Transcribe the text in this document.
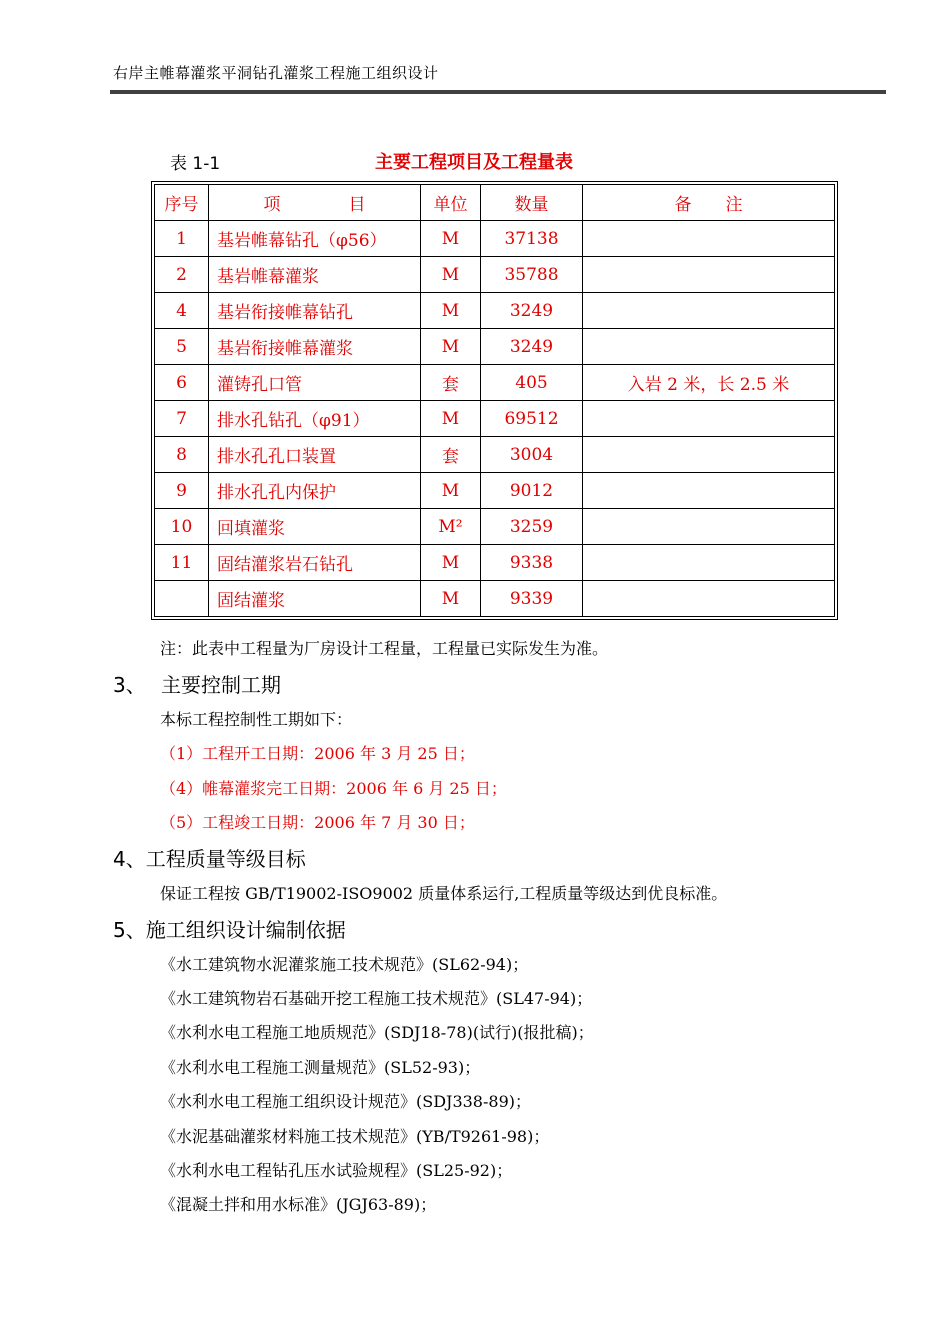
右岸主帷幕灌浆平洞钻孔灌浆工程施工组织设计
表 1-1	主要工程项目及工程量表
序号	项　　　　目	单位	数量	备　　注
1	基岩帷幕钻孔（φ56）	M	37138	
2	基岩帷幕灌浆	M	35788	
4	基岩衔接帷幕钻孔	M	3249	
5	基岩衔接帷幕灌浆	M	3249	
6	灌铸孔口管	套	405	入岩 2 米，长 2.5 米
7	排水孔钻孔（φ91）	M	69512	
8	排水孔孔口装置	套	3004	
9	排水孔孔内保护	M	9012	
10	回填灌浆	M²	3259	
11	固结灌浆岩石钻孔	M	9338	
	固结灌浆	M	9339	
注：此表中工程量为厂房设计工程量，工程量已实际发生为准。
3、 主要控制工期
本标工程控制性工期如下：
（1）工程开工日期：2006 年 3 月 25 日；
（4）帷幕灌浆完工日期：2006 年 6 月 25 日；
（5）工程竣工日期：2006 年 7 月 30 日；
4、工程质量等级目标
保证工程按 GB/T19002-ISO9002 质量体系运行,工程质量等级达到优良标准。
5、施工组织设计编制依据
《水工建筑物水泥灌浆施工技术规范》(SL62-94)；
《水工建筑物岩石基础开挖工程施工技术规范》(SL47-94)；
《水利水电工程施工地质规范》(SDJ18-78)(试行)(报批稿)；
《水利水电工程施工测量规范》(SL52-93)；
《水利水电工程施工组织设计规范》(SDJ338-89)；
《水泥基础灌浆材料施工技术规范》(YB/T9261-98)；
《水利水电工程钻孔压水试验规程》(SL25-92)；
《混凝土拌和用水标准》(JGJ63-89)；
